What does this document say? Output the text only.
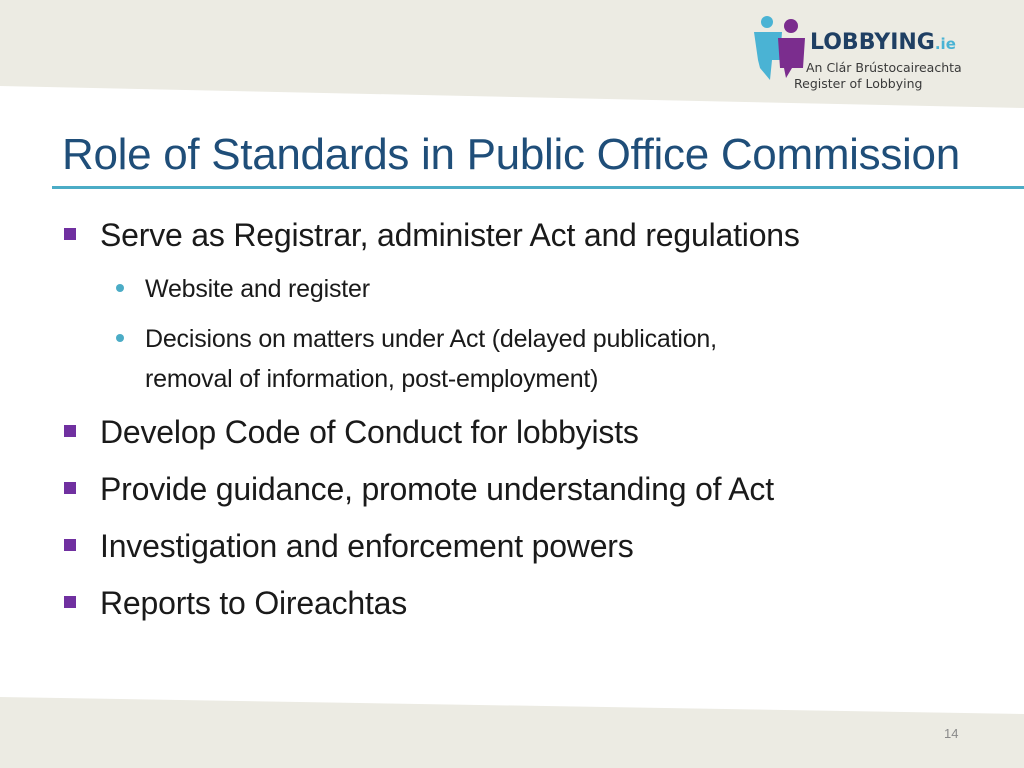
LOBBYING.ie
An Clár Brústocaireachta
Register of Lobbying
Role of Standards in Public Office Commission
Serve as Registrar, administer Act and regulations
Website and register
Decisions on matters under Act (delayed publication,
removal of information, post-employment)
Develop Code of Conduct for lobbyists
Provide guidance, promote understanding of Act
Investigation and enforcement powers
Reports to Oireachtas
14
